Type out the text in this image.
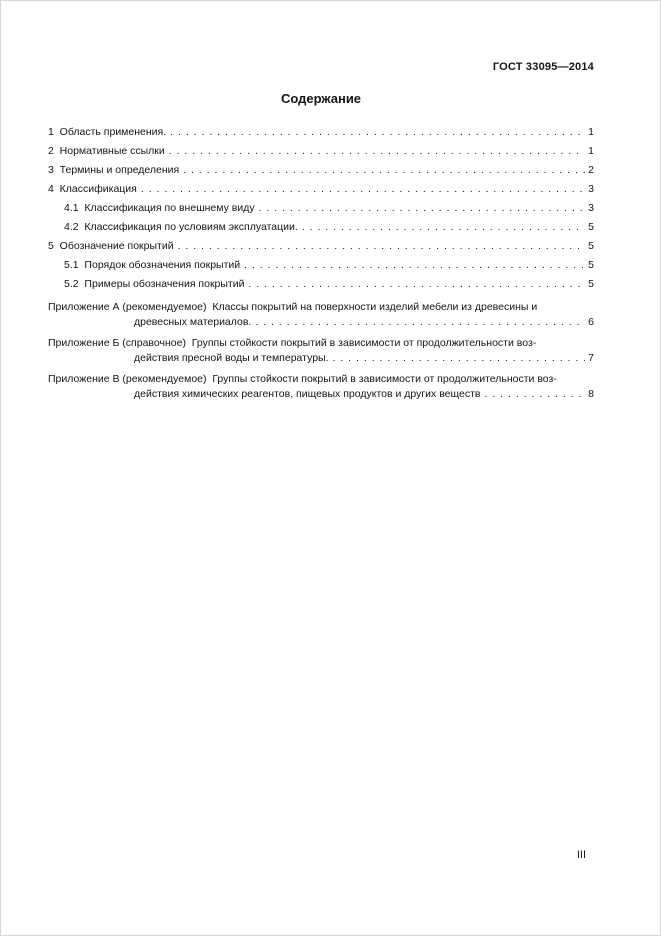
ГОСТ 33095—2014
Содержание
1  Область применения. . . .	1
2  Нормативные ссылки . . .	1
3  Термины и определения . . .	2
4  Классификация . . .	3
4.1  Классификация по внешнему виду . . .	3
4.2  Классификация по условиям эксплуатации. . . .	5
5  Обозначение покрытий . . .	5
5.1  Порядок обозначения покрытий . . .	5
5.2  Примеры обозначения покрытий . . .	5
Приложение А (рекомендуемое)  Классы покрытий на поверхности изделий мебели из древесины и
древесных материалов. . . .	6
Приложение Б (справочное)  Группы стойкости покрытий в зависимости от продолжительности воз-
действия пресной воды и температуры. . . .	7
Приложение В (рекомендуемое)  Группы стойкости покрытий в зависимости от продолжительности воз-
действия химических реагентов, пищевых продуктов и других веществ . . .	8
III
